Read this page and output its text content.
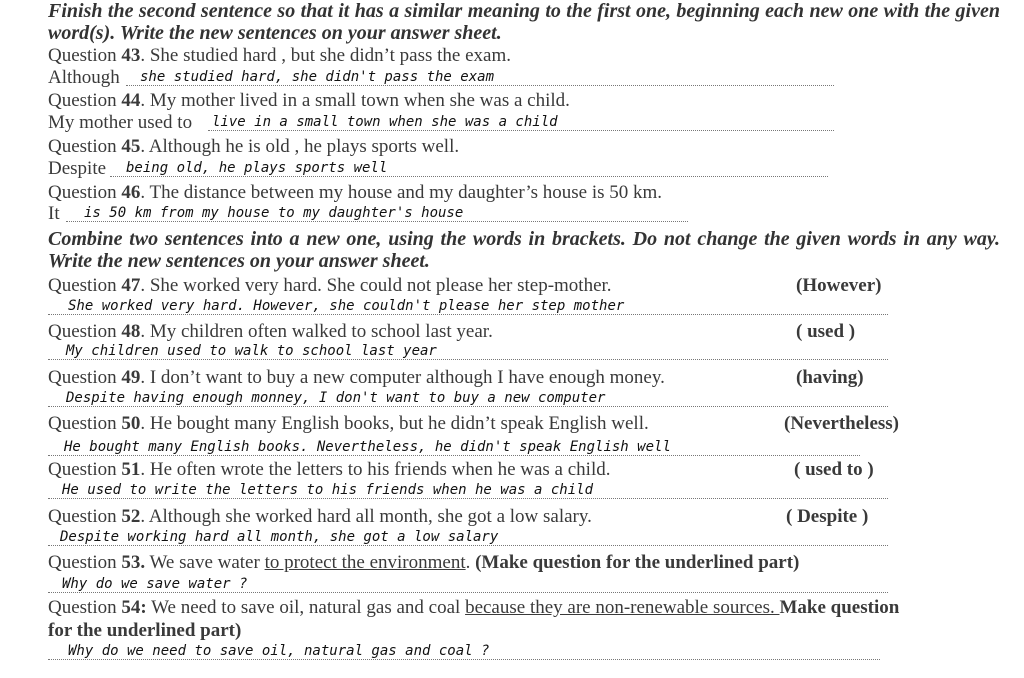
Finish the second sentence so that it has a similar meaning to the first one, beginning each new one with the given word(s). Write the new sentences on your answer sheet.

Question 43. She studied hard , but she didn’t pass the exam.
Although she studied hard, she didn't pass the exam
Question 44. My mother lived in a small town when she was a child.
My mother used to live in a small town when she was a child
Question 45. Although he is old , he plays sports well.
Despite being old, he plays sports well
Question 46. The distance between my house and my daughter’s house is 50 km.
It is 50 km from my house to my daughter's house

Combine two sentences into a new one, using the words in brackets. Do not change the given words in any way. Write the new sentences on your answer sheet.

Question 47. She worked very hard. She could not please her step-mother.	(However)
She worked very hard. However, she couldn't please her step mother
Question 48. My children often walked to school last year.	( used )
My children used to walk to school last year
Question 49. I don’t want to buy a new computer although I have enough money.	(having)
Despite having enough monney, I don't want to buy a new computer
Question 50. He bought many English books, but he didn’t speak English well.	(Nevertheless)
He bought many English books. Nevertheless, he didn't speak English well
Question 51. He often wrote the letters to his friends when he was a child.	( used to )
He used to write the letters to his friends when he was a child
Question 52. Although she worked hard all month, she got a low salary.	( Despite )
Despite working hard all month, she got a low salary
Question 53. We save water to protect the environment. (Make question for the underlined part)
Why do we save water ?
Question 54: We need to save oil, natural gas and coal because they are non-renewable sources. Make question
for the underlined part)
Why do we need to save oil, natural gas and coal ?
